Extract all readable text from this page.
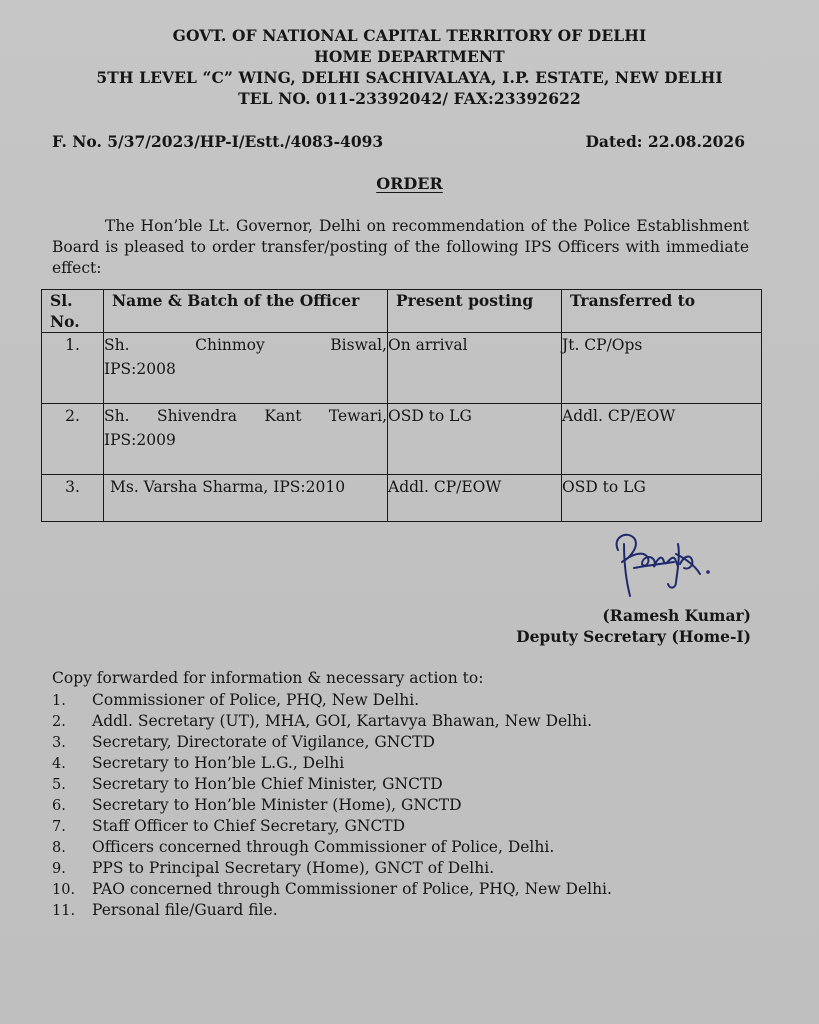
GOVT. OF NATIONAL CAPITAL TERRITORY OF DELHI
HOME DEPARTMENT
5TH LEVEL “C” WING, DELHI SACHIVALAYA, I.P. ESTATE, NEW DELHI
TEL NO. 011-23392042/ FAX:23392622
F. No. 5/37/2023/HP-I/Estt./4083-4093	Dated: 22.08.2026
ORDER
The Hon’ble Lt. Governor, Delhi on recommendation of the Police Establishment Board is pleased to order transfer/posting of the following IPS Officers with immediate effect:
Sl. No.	Name & Batch of the Officer	Present posting	Transferred to
1.	Sh. Chinmoy Biswal,
IPS:2008	On arrival	Jt. CP/Ops
2.	Sh. Shivendra Kant Tewari,
IPS:2009	OSD to LG	Addl. CP/EOW
3.	Ms. Varsha Sharma, IPS:2010	Addl. CP/EOW	OSD to LG
(Ramesh Kumar)
Deputy Secretary (Home-I)
Copy forwarded for information & necessary action to:
1. Commissioner of Police, PHQ, New Delhi.
2. Addl. Secretary (UT), MHA, GOI, Kartavya Bhawan, New Delhi.
3. Secretary, Directorate of Vigilance, GNCTD
4. Secretary to Hon’ble L.G., Delhi
5. Secretary to Hon’ble Chief Minister, GNCTD
6. Secretary to Hon’ble Minister (Home), GNCTD
7. Staff Officer to Chief Secretary, GNCTD
8. Officers concerned through Commissioner of Police, Delhi.
9. PPS to Principal Secretary (Home), GNCT of Delhi.
10. PAO concerned through Commissioner of Police, PHQ, New Delhi.
11. Personal file/Guard file.
